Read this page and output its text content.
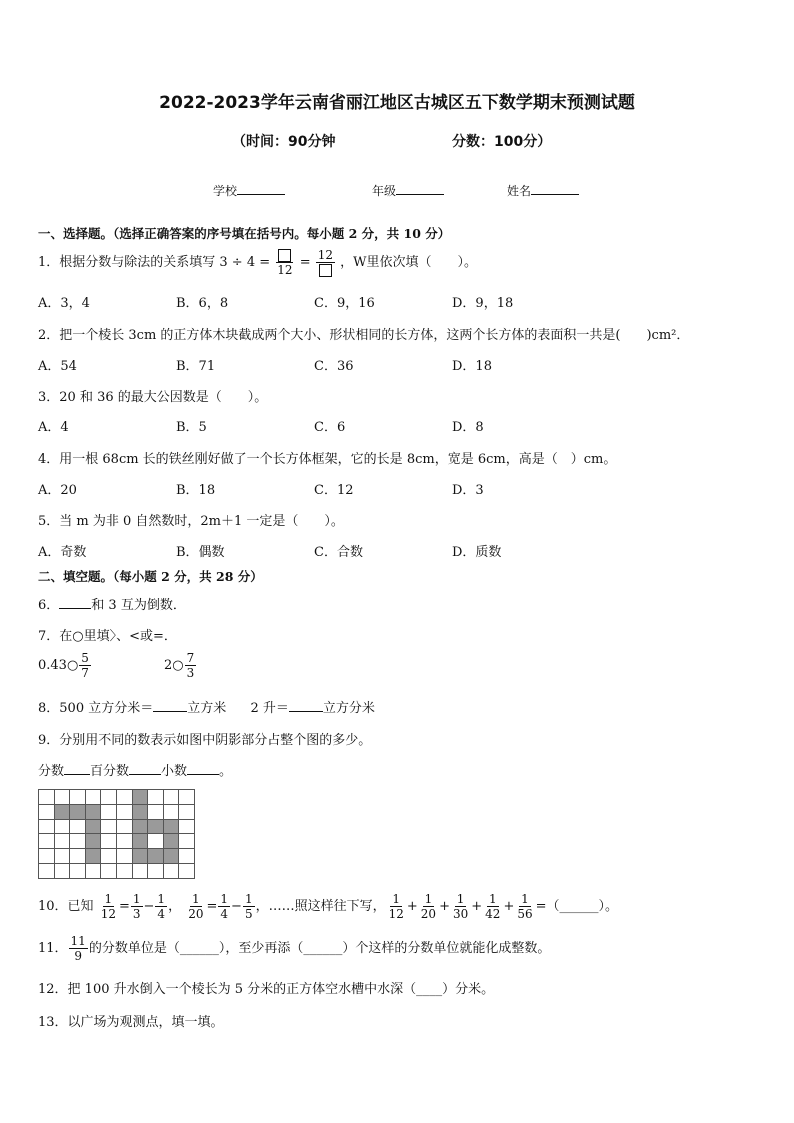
2022-2023学年云南省丽江地区古城区五下数学期末预测试题
（时间：90分钟	分数：100分）
学校	年级	姓名
一、选择题。（选择正确答案的序号填在括号内。每小题 2 分，共 10 分）
1．根据分数与除法的关系填写 3 ÷ 4 = 12 = 12 ，W里依次填（　　）。
A．3，4	B．6，8	C．9，16	D．9，18
2．把一个棱长 3cm 的正方体木块截成两个大小、形状相同的长方体，这两个长方体的表面积一共是(　　)cm²．
A．54	B．71	C．36	D．18
3．20 和 36 的最大公因数是（　　）。
A．4	B．5	C．6	D．8
4．用一根 68cm 长的铁丝刚好做了一个长方体框架，它的长是 8cm，宽是 6cm，高是（　）cm。
A．20	B．18	C．12	D．3
5．当 m 为非 0 自然数时，2m＋1 一定是（　　）。
A．奇数	B．偶数	C．合数	D．质数
二、填空题。（每小题 2 分，共 28 分）
6． 和 3 互为倒数．
7．在○里填〉、<或=．
0.43○ $\frac{5}{7}$	2○ $\frac{7}{3}$
8．500 立方分米＝	立方米 2 升＝	立方分米
9．分别用不同的数表示如图中阴影部分占整个图的多少。
分数 百分数 小数 。
10．已知 $\frac{1}{12} = \frac{1}{3} - \frac{1}{4}$ ， $\frac{1}{20} = \frac{1}{4} - \frac{1}{5}$ ，……照这样往下写， $\frac{1}{12} + \frac{1}{20} + \frac{1}{30} + \frac{1}{42} + \frac{1}{56}$ =（______）。
11． $\frac{11}{9}$ 的分数单位是（______），至少再添（______）个这样的分数单位就能化成整数。
12．把 100 升水倒入一个棱长为 5 分米的正方体空水槽中水深（____）分米。
13．以广场为观测点，填一填。
